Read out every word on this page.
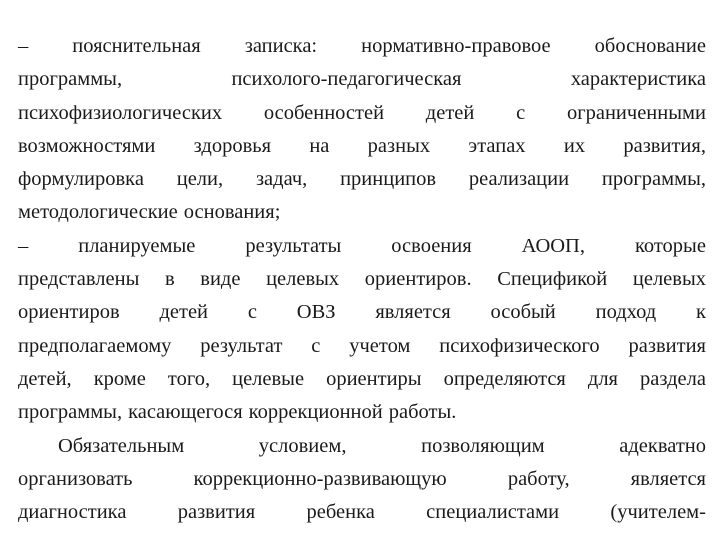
– пояснительная записка: нормативно-правовое обоснование
программы,	психолого-педагогическая	характеристика
психофизиологических особенностей детей с ограниченными
возможностями здоровья на разных этапах их развития,
формулировка цели, задач, принципов реализации программы,
методологические основания;
– планируемые результаты освоения АООП, которые
представлены в виде целевых ориентиров. Спецификой целевых
ориентиров детей с ОВЗ является особый подход к
предполагаемому результат с учетом психофизического развития
детей, кроме того, целевые ориентиры определяются для раздела
программы, касающегося коррекционной работы.
Обязательным	условием,	позволяющим	адекватно
организовать	коррекционно-развивающую	работу,	является
диагностика	развития	ребенка	специалистами	(учителем-
